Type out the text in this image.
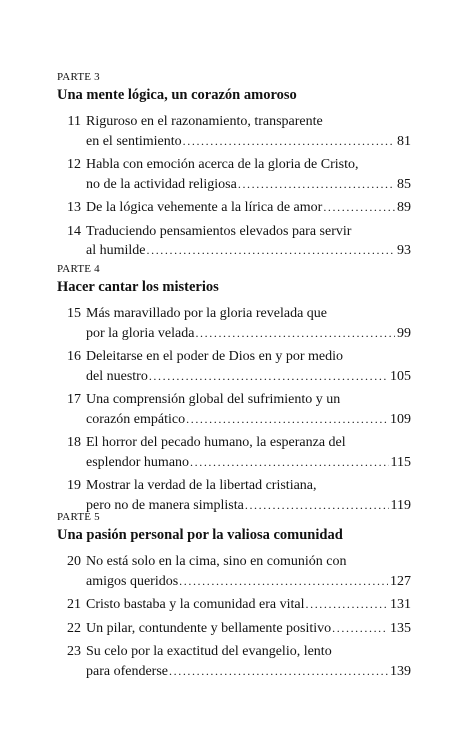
PARTE 3

Una mente lógica, un corazón amoroso

11 Riguroso en el razonamiento, transparente
en el sentimiento .....	81
12 Habla con emoción acerca de la gloria de Cristo,
no de la actividad religiosa .....	85
13 De la lógica vehemente a la lírica de amor .....	89
14 Traduciendo pensamientos elevados para servir
al humilde .....	93

PARTE 4

Hacer cantar los misterios

15 Más maravillado por la gloria revelada que
por la gloria velada .....	99
16 Deleitarse en el poder de Dios en y por medio
del nuestro .....	105
17 Una comprensión global del sufrimiento y un
corazón empático .....	109
18 El horror del pecado humano, la esperanza del
esplendor humano .....	115
19 Mostrar la verdad de la libertad cristiana,
pero no de manera simplista .....	119

PARTE 5

Una pasión personal por la valiosa comunidad

20 No está solo en la cima, sino en comunión con
amigos queridos .....	127
21 Cristo bastaba y la comunidad era vital .....	131
22 Un pilar, contundente y bellamente positivo .....	135
23 Su celo por la exactitud del evangelio, lento
para ofenderse .....	139
